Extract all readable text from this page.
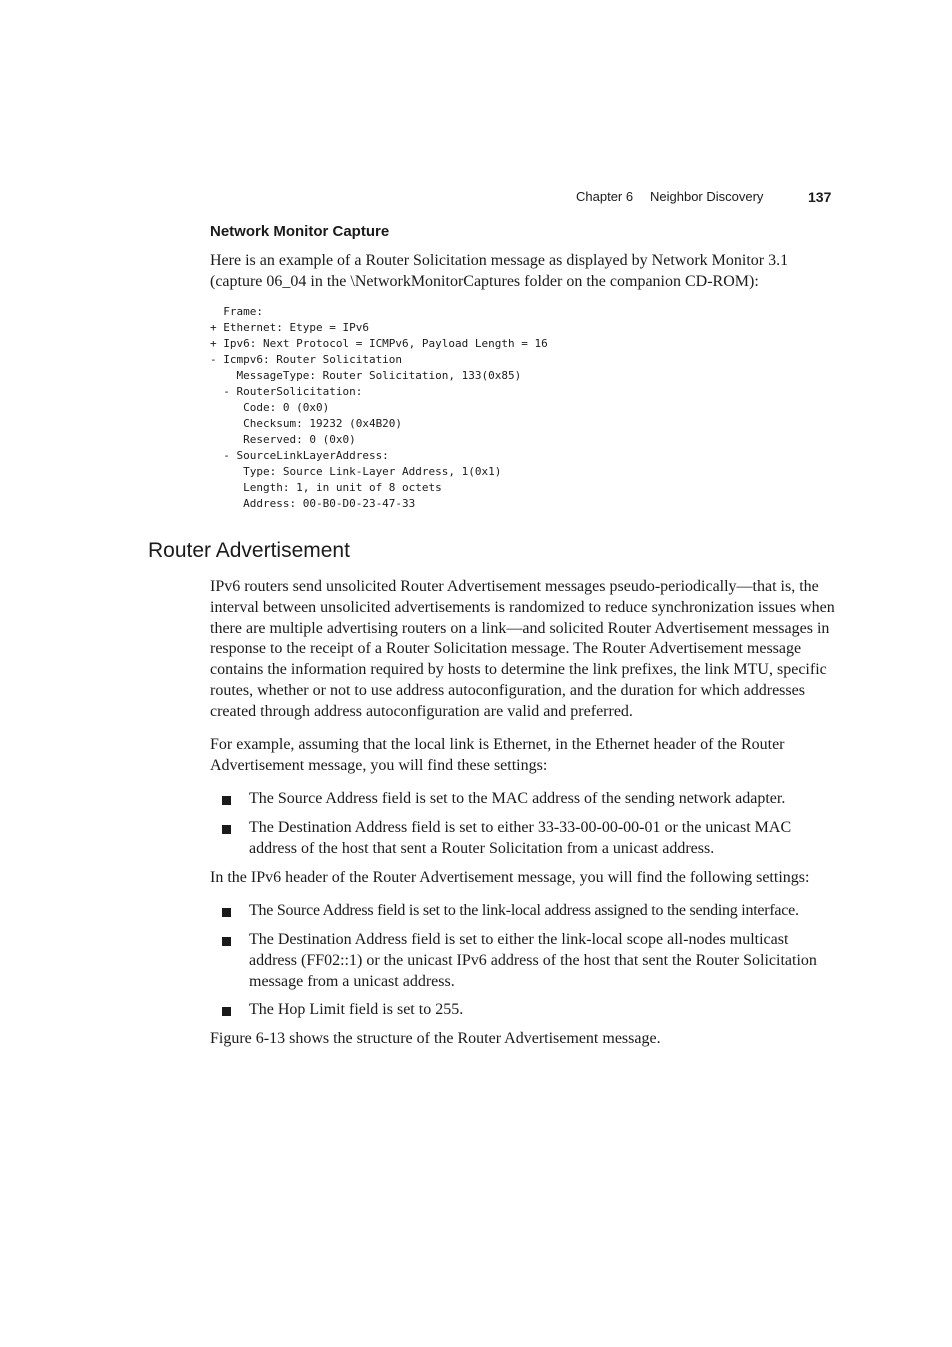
Chapter 6 Neighbor Discovery	137
Network Monitor Capture

Here is an example of a Router Solicitation message as displayed by Network Monitor 3.1 (capture 06_04 in the \NetworkMonitorCaptures folder on the companion CD-ROM):

Frame:
+ Ethernet: Etype = IPv6
+ Ipv6: Next Protocol = ICMPv6, Payload Length = 16
- Icmpv6: Router Solicitation
MessageType: Router Solicitation, 133(0x85)
- RouterSolicitation:
Code: 0 (0x0)
Checksum: 19232 (0x4B20)
Reserved: 0 (0x0)
- SourceLinkLayerAddress:
Type: Source Link-Layer Address, 1(0x1)
Length: 1, in unit of 8 octets
Address: 00-B0-D0-23-47-33
Router Advertisement

IPv6 routers send unsolicited Router Advertisement messages pseudo-periodically—that is, the interval between unsolicited advertisements is randomized to reduce synchronization issues when there are multiple advertising routers on a link—and solicited Router Advertisement messages in response to the receipt of a Router Solicitation message. The Router Advertisement message contains the information required by hosts to determine the link prefixes, the link MTU, specific routes, whether or not to use address autoconfiguration, and the duration for which addresses created through address autoconfiguration are valid and preferred.

For example, assuming that the local link is Ethernet, in the Ethernet header of the Router Advertisement message, you will find these settings:

The Source Address field is set to the MAC address of the sending network adapter.
The Destination Address field is set to either 33-33-00-00-00-01 or the unicast MAC address of the host that sent a Router Solicitation from a unicast address.

In the IPv6 header of the Router Advertisement message, you will find the following settings:

The Source Address field is set to the link-local address assigned to the sending interface.
The Destination Address field is set to either the link-local scope all-nodes multicast address (FF02::1) or the unicast IPv6 address of the host that sent the Router Solicitation message from a unicast address.
The Hop Limit field is set to 255.

Figure 6-13 shows the structure of the Router Advertisement message.
